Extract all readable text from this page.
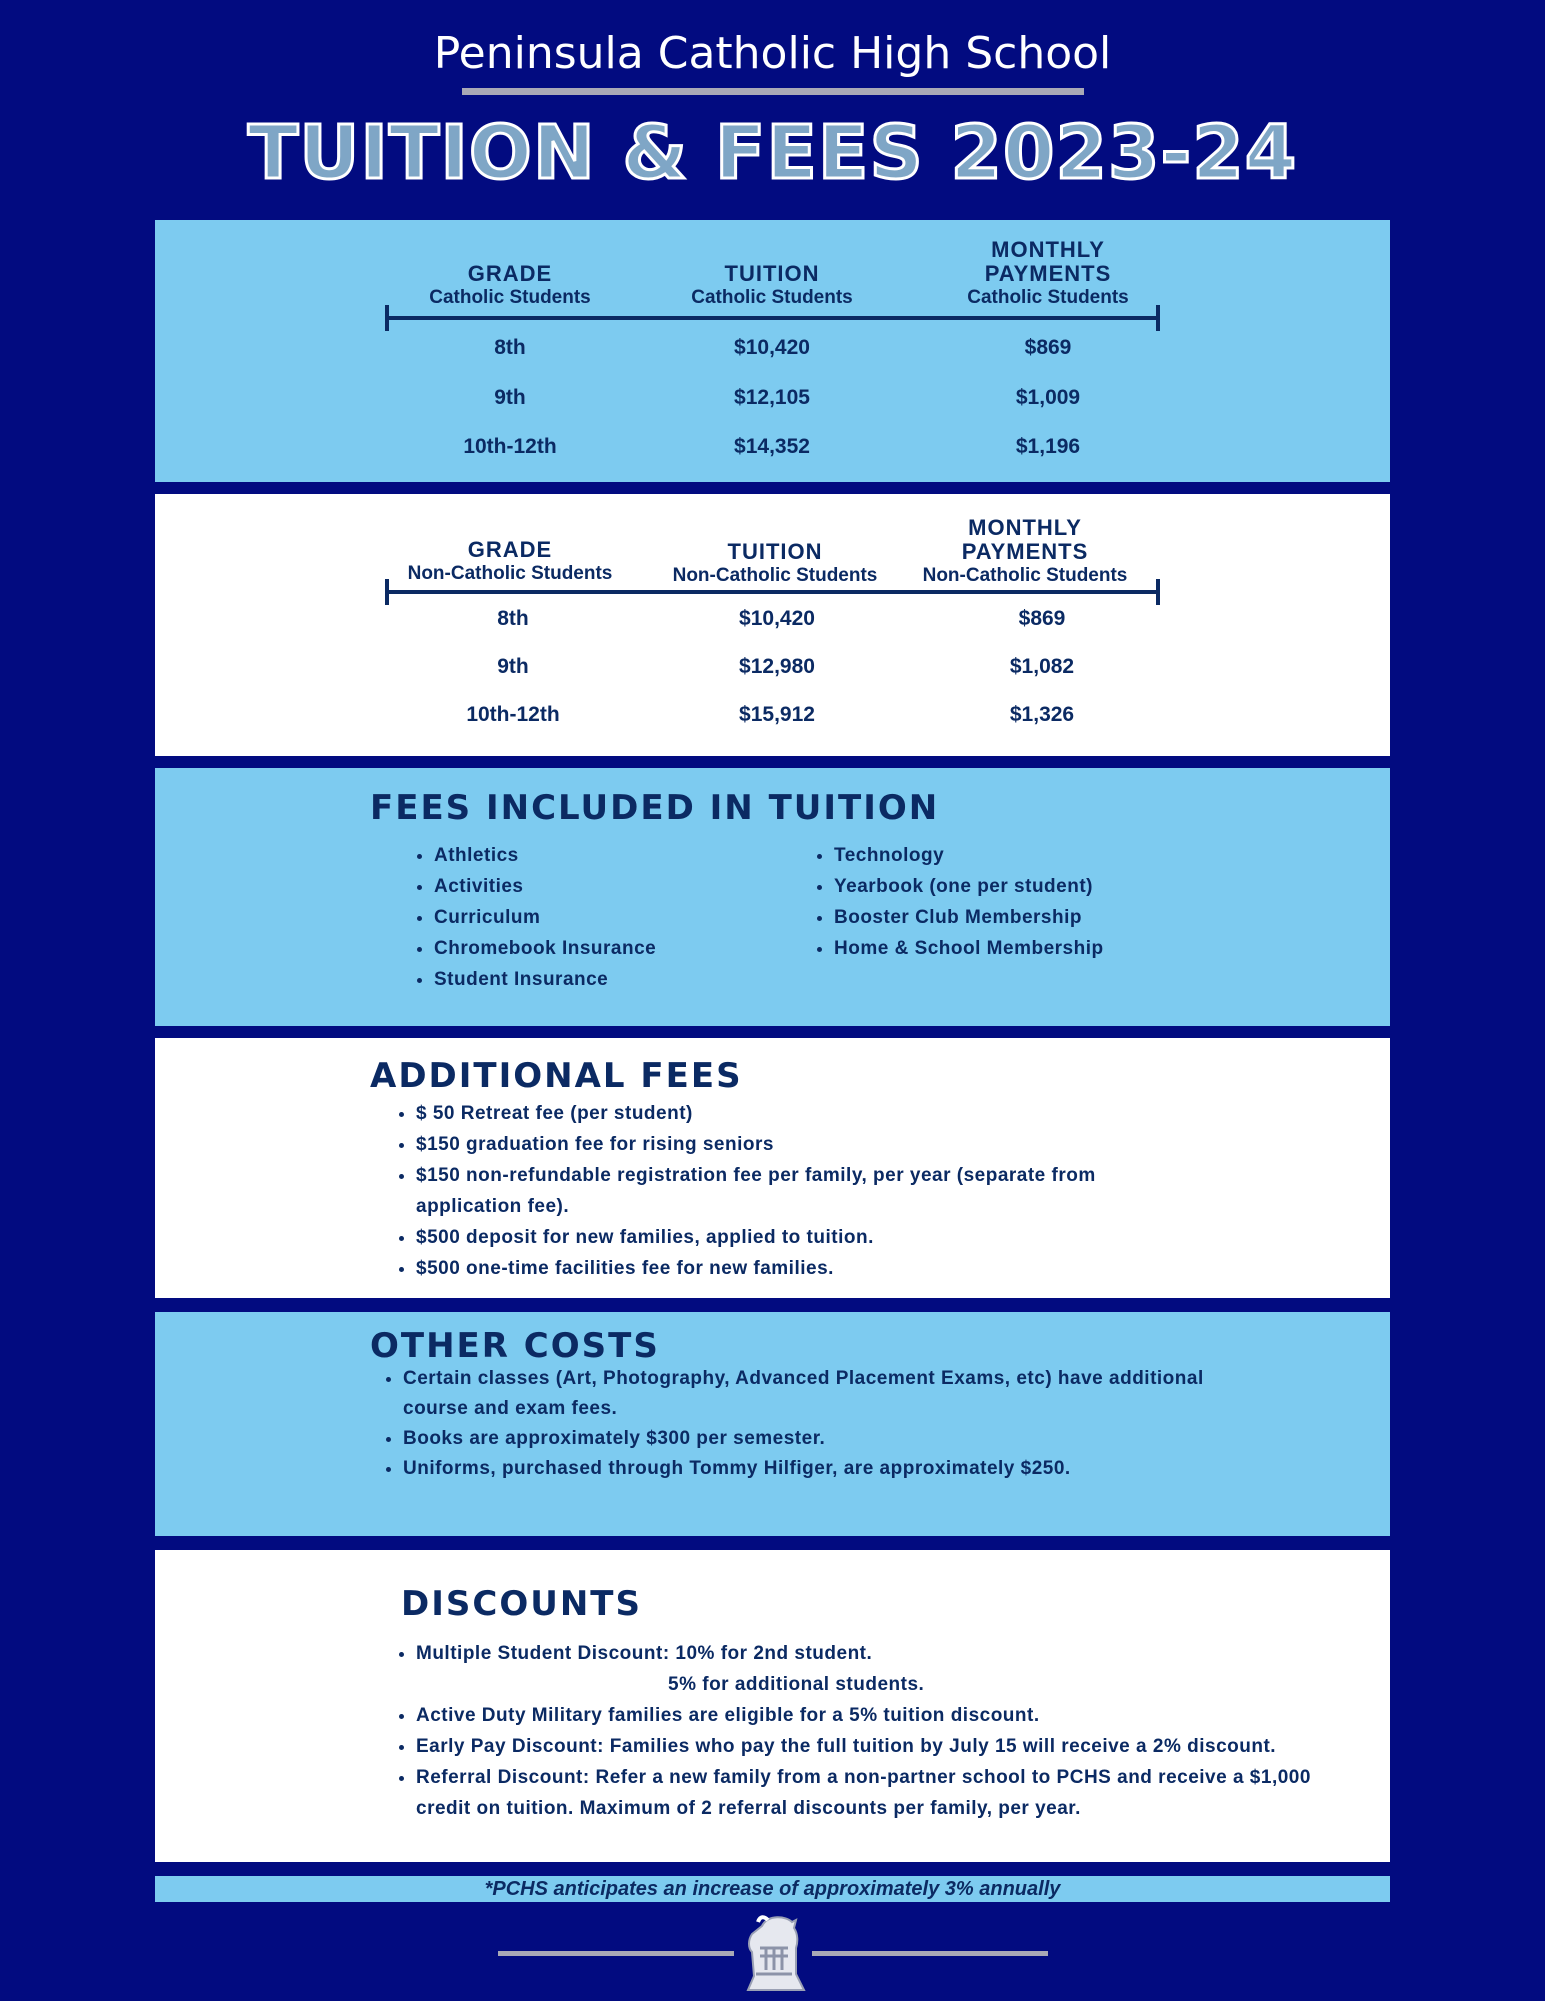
Peninsula Catholic High School
TUITION & FEES 2023-24
GRADE
Catholic Students
TUITION
Catholic Students
MONTHLY PAYMENTS
Catholic Students
8th	$10,420	$869
9th	$12,105	$1,009
10th-12th	$14,352	$1,196
GRADE
Non-Catholic Students
TUITION
Non-Catholic Students
MONTHLY PAYMENTS
Non-Catholic Students
8th	$10,420	$869
9th	$12,980	$1,082
10th-12th	$15,912	$1,326
FEES INCLUDED IN TUITION
• Athletics
• Activities
• Curriculum
• Chromebook Insurance
• Student Insurance
• Technology
• Yearbook (one per student)
• Booster Club Membership
• Home & School Membership
ADDITIONAL FEES
• $ 50 Retreat fee (per student)
• $150 graduation fee for rising seniors
• $150 non-refundable registration fee per family, per year (separate from application fee).
• $500 deposit for new families, applied to tuition.
• $500 one-time facilities fee for new families.
OTHER COSTS
• Certain classes (Art, Photography, Advanced Placement Exams, etc) have additional course and exam fees.
• Books are approximately $300 per semester.
• Uniforms, purchased through Tommy Hilfiger, are approximately $250.
DISCOUNTS
• Multiple Student Discount: 10% for 2nd student.
5% for additional students.
• Active Duty Military families are eligible for a 5% tuition discount.
• Early Pay Discount: Families who pay the full tuition by July 15 will receive a 2% discount.
• Referral Discount: Refer a new family from a non-partner school to PCHS and receive a $1,000 credit on tuition. Maximum of 2 referral discounts per family, per year.
*PCHS anticipates an increase of approximately 3% annually
